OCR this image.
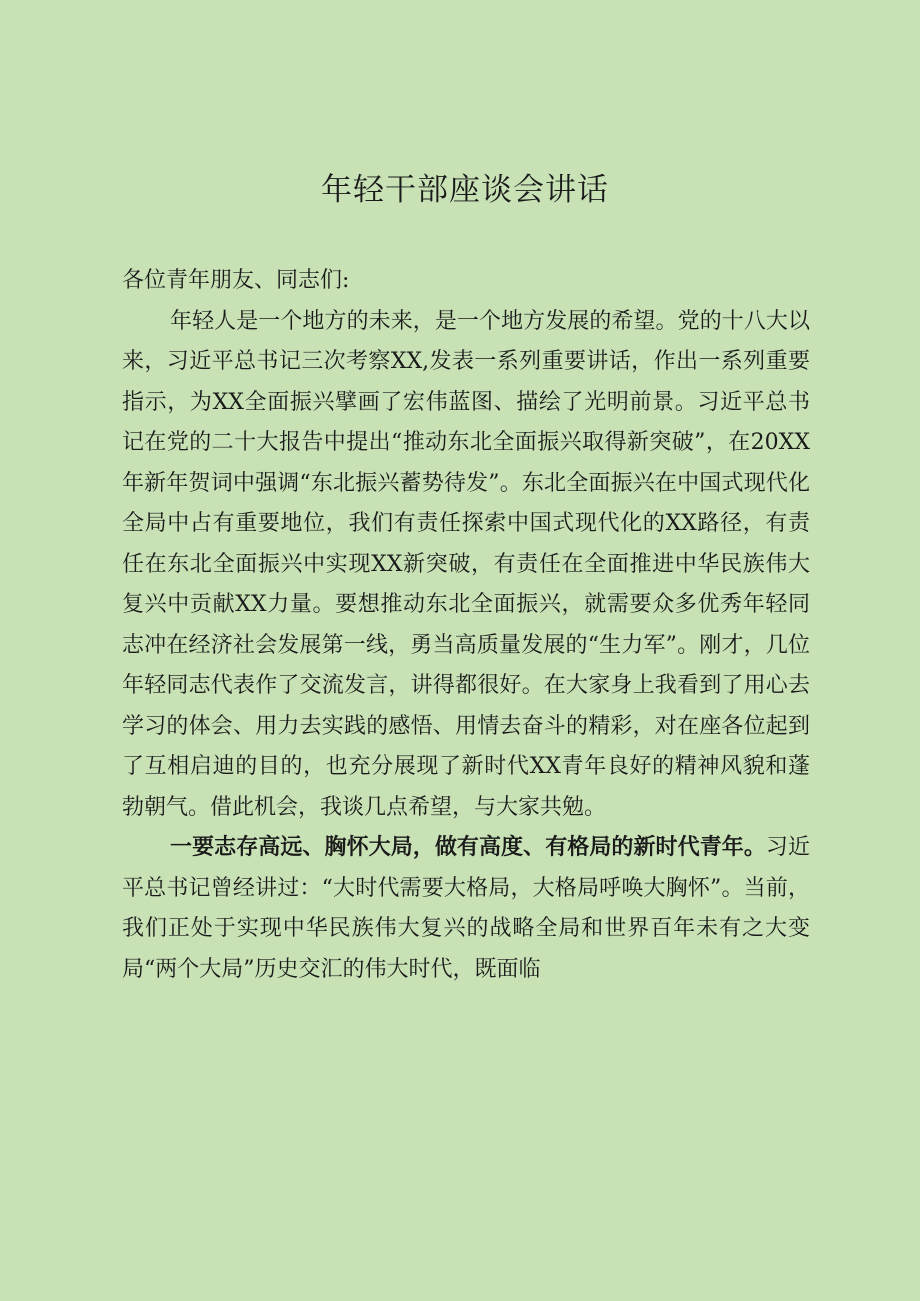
年轻干部座谈会讲话

各位青年朋友、同志们:

年轻人是一个地方的未来，是一个地方发展的希望。党的十八大以来，习近平总书记三次考察XX,发表一系列重要讲话，作出一系列重要指示，为XX全面振兴擘画了宏伟蓝图、描绘了光明前景。习近平总书记在党的二十大报告中提出“推动东北全面振兴取得新突破”，在20XX年新年贺词中强调“东北振兴蓄势待发”。东北全面振兴在中国式现代化全局中占有重要地位，我们有责任探索中国式现代化的XX路径，有责任在东北全面振兴中实现XX新突破，有责任在全面推进中华民族伟大复兴中贡献XX力量。要想推动东北全面振兴，就需要众多优秀年轻同志冲在经济社会发展第一线，勇当高质量发展的“生力军”。刚才，几位年轻同志代表作了交流发言，讲得都很好。在大家身上我看到了用心去学习的体会、用力去实践的感悟、用情去奋斗的精彩，对在座各位起到了互相启迪的目的，也充分展现了新时代XX青年良好的精神风貌和蓬勃朝气。借此机会，我谈几点希望，与大家共勉。

一要志存高远、胸怀大局，做有高度、有格局的新时代青年。习近平总书记曾经讲过：“大时代需要大格局，大格局呼唤大胸怀”。当前，我们正处于实现中华民族伟大复兴的战略全局和世界百年未有之大变局“两个大局”历史交汇的伟大时代，既面临
